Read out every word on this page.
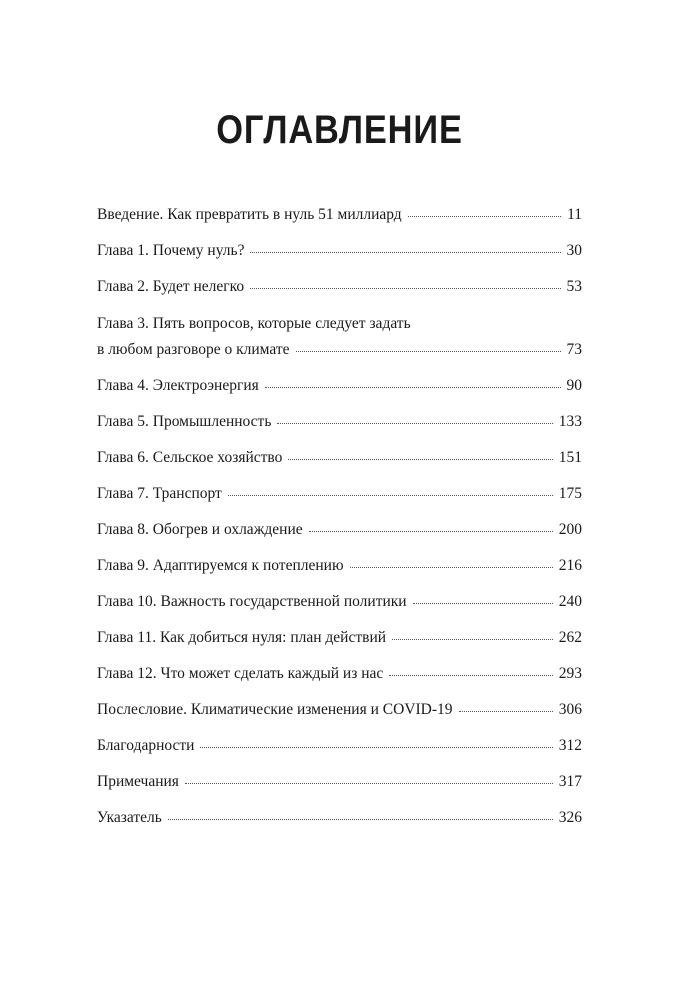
ОГЛАВЛЕНИЕ
Введение. Как превратить в нуль 51 миллиард	11
Глава 1. Почему нуль?	30
Глава 2. Будет нелегко	53
Глава 3. Пять вопросов, которые следует задать
в любом разговоре о климате	73
Глава 4. Электроэнергия	90
Глава 5. Промышленность	133
Глава 6. Сельское хозяйство	151
Глава 7. Транспорт	175
Глава 8. Обогрев и охлаждение	200
Глава 9. Адаптируемся к потеплению	216
Глава 10. Важность государственной политики	240
Глава 11. Как добиться нуля: план действий	262
Глава 12. Что может сделать каждый из нас	293
Послесловие. Климатические изменения и COVID-19	306
Благодарности	312
Примечания	317
Указатель	326
